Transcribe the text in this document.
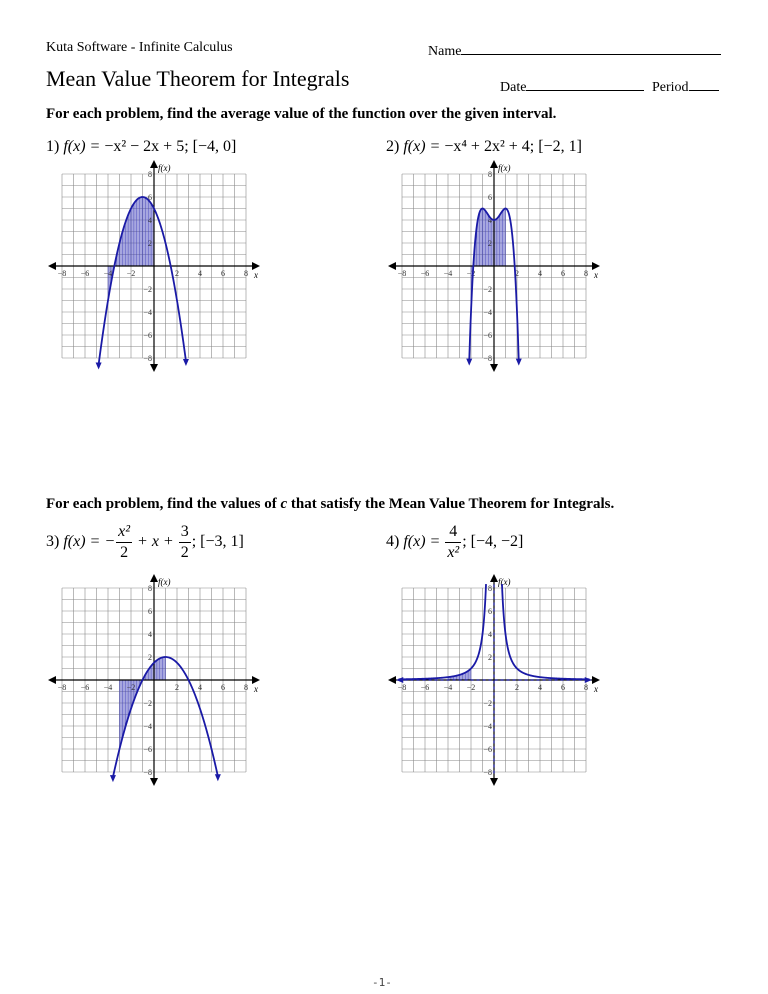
Kuta Software - Infinite Calculus	Name
Mean Value Theorem for Integrals	Date	Period
For each problem, find the average value of the function over the given interval.
1) f(x) = −x² − 2x + 5; [−4, 0]	2) f(x) = −x⁴ + 2x² + 4; [−2, 1]
−8 −6 −4 −2	2 4 6 8
8
6
4
2
−2
−4
−6
−8
f(x)
x	−8 −6 −4 −2	2 4 6 8
8
6
4
2
−2
−4
−6
−8
f(x)
x
For each problem, find the values of c that satisfy the Mean Value Theorem for Integrals.
3) f(x) = − $\frac{\text{x²}}{2} + x + \frac{3}{2}$ ; [−3, 1]	4) $f(x) = \frac{4}{\text{x²}}$ ; [−4, −2]
−8 −6 −4 −2	2 4 6 8
8
6
4
2
−2
−4
−6
−8
f(x)
x	−8 −6 −4 −2	2 4 6 8
8
6
4
2
−2
−4
−6
−8
f(x)
x
-1-
